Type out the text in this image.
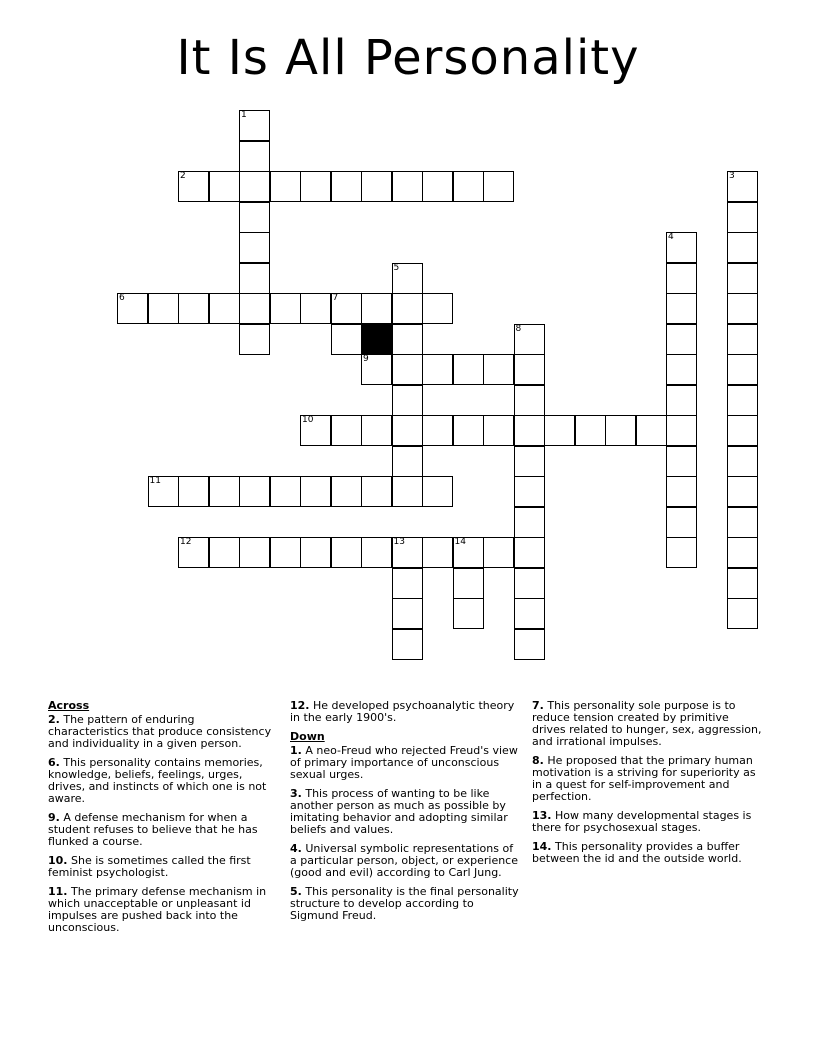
It Is All Personality
1
2	3
4
5
6	7
8
9
10
11
12	13	14
Across
2. The pattern of enduring characteristics that produce consistency and individuality in a given person.
6. This personality contains memories, knowledge, beliefs, feelings, urges, drives, and instincts of which one is not aware.
9. A defense mechanism for when a student refuses to believe that he has flunked a course.
10. She is sometimes called the first feminist psychologist.
11. The primary defense mechanism in which unacceptable or unpleasant id impulses are pushed back into the unconscious.
12. He developed psychoanalytic theory in the early 1900's.
Down
1. A neo-Freud who rejected Freud's view of primary importance of unconscious sexual urges.
3. This process of wanting to be like another person as much as possible by imitating behavior and adopting similar beliefs and values.
4. Universal symbolic representations of a particular person, object, or experience (good and evil) according to Carl Jung.
5. This personality is the final personality structure to develop according to Sigmund Freud.
7. This personality sole purpose is to reduce tension created by primitive drives related to hunger, sex, aggression, and irrational impulses.
8. He proposed that the primary human motivation is a striving for superiority as in a quest for self-improvement and perfection.
13. How many developmental stages is there for psychosexual stages.
14. This personality provides a buffer between the id and the outside world.
